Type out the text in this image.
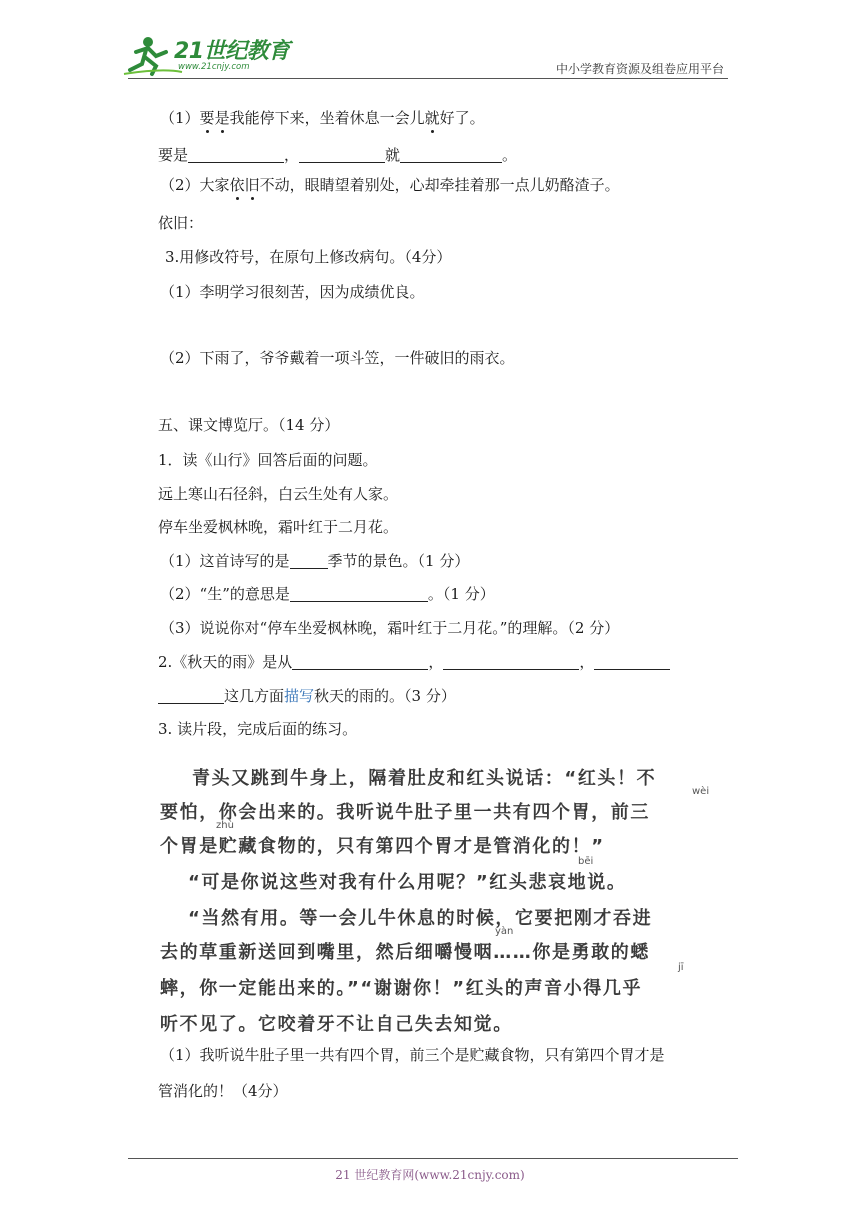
21世纪教育
www.21cnjy.com	中小学教育资源及组卷应用平台
（1）要是我能停下来，坐着休息一会儿就好了。
要是	，	就	。
（2）大家依旧不动，眼睛望着别处，心却牵挂着那一点儿奶酪渣子。
依旧：
3.用修改符号，在原句上修改病句。（4分）
（1）李明学习很刻苦，因为成绩优良。
（2）下雨了，爷爷戴着一项斗笠，一件破旧的雨衣。
五、课文博览厅。（14 分）
1．读《山行》回答后面的问题。
远上寒山石径斜，白云生处有人家。
停车坐爱枫林晚，霜叶红于二月花。
（1）这首诗写的是	季节的景色。（1 分）
（2）“生”的意思是	。（1 分）
（3）说说你对“停车坐爱枫林晚，霜叶红于二月花。”的理解。（2 分）
2.《秋天的雨》是从	，	，
这几方面描写秋天的雨的。（3 分）
3. 读片段，完成后面的练习。
青头又跳到牛身上，隔着肚皮和红头说话：“红头！不
wèi
要怕，你会出来的。我听说牛肚子里一共有四个胃，前三
zhù
个胃是贮藏食物的，只有第四个胃才是管消化的！”
bēi
“可是你说这些对我有什么用呢？”红头悲哀地说。
“当然有用。等一会儿牛休息的时候，它要把刚才吞进
yàn
去的草重新送回到嘴里，然后细嚼慢咽……你是勇敢的蟋
jī
蟀，你一定能出来的。”“谢谢你！”红头的声音小得几乎
听不见了。它咬着牙不让自己失去知觉。
（1）我听说牛肚子里一共有四个胃，前三个是贮藏食物，只有第四个胃才是
管消化的！（4分）
21 世纪教育网(www.21cnjy.com)
